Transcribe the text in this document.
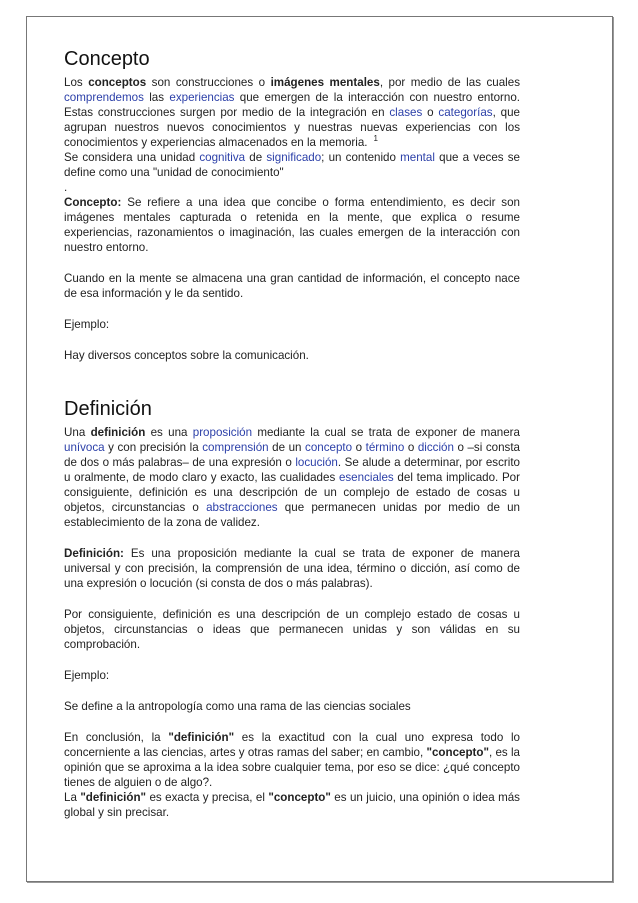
Concepto

Los conceptos son construcciones o imágenes mentales, por medio de las cuales comprendemos las experiencias que emergen de la interacción con nuestro entorno. Estas construcciones surgen por medio de la integración en clases o categorías, que agrupan nuestros nuevos conocimientos y nuestras nuevas experiencias con los conocimientos y experiencias almacenados en la memoria. $^1$

Se considera una unidad cognitiva de significado; un contenido mental que a veces se define como una "unidad de conocimiento"

.

Concepto: Se refiere a una idea que concibe o forma entendimiento, es decir son imágenes mentales capturada o retenida en la mente, que explica o resume experiencias, razonamientos o imaginación, las cuales emergen de la interacción con nuestro entorno.

Cuando en la mente se almacena una gran cantidad de información, el concepto nace de esa información y le da sentido.

Ejemplo:

Hay diversos conceptos sobre la comunicación.

Definición

Una definición es una proposición mediante la cual se trata de exponer de manera unívoca y con precisión la comprensión de un concepto o término o dicción o –si consta de dos o más palabras– de una expresión o locución. Se alude a determinar, por escrito u oralmente, de modo claro y exacto, las cualidades esenciales del tema implicado. Por consiguiente, definición es una descripción de un complejo de estado de cosas u objetos, circunstancias o abstracciones que permanecen unidas por medio de un establecimiento de la zona de validez.

Definición: Es una proposición mediante la cual se trata de exponer de manera universal y con precisión, la comprensión de una idea, término o dicción, así como de una expresión o locución (si consta de dos o más palabras).

Por consiguiente, definición es una descripción de un complejo estado de cosas u objetos, circunstancias o ideas que permanecen unidas y son válidas en su comprobación.

Ejemplo:

Se define a la antropología como una rama de las ciencias sociales

En conclusión, la "definición" es la exactitud con la cual uno expresa todo lo concerniente a las ciencias, artes y otras ramas del saber; en cambio, "concepto", es la opinión que se aproxima a la idea sobre cualquier tema, por eso se dice: ¿qué concepto tienes de alguien o de algo?.

La "definición" es exacta y precisa, el "concepto" es un juicio, una opinión o idea más global y sin precisar.
